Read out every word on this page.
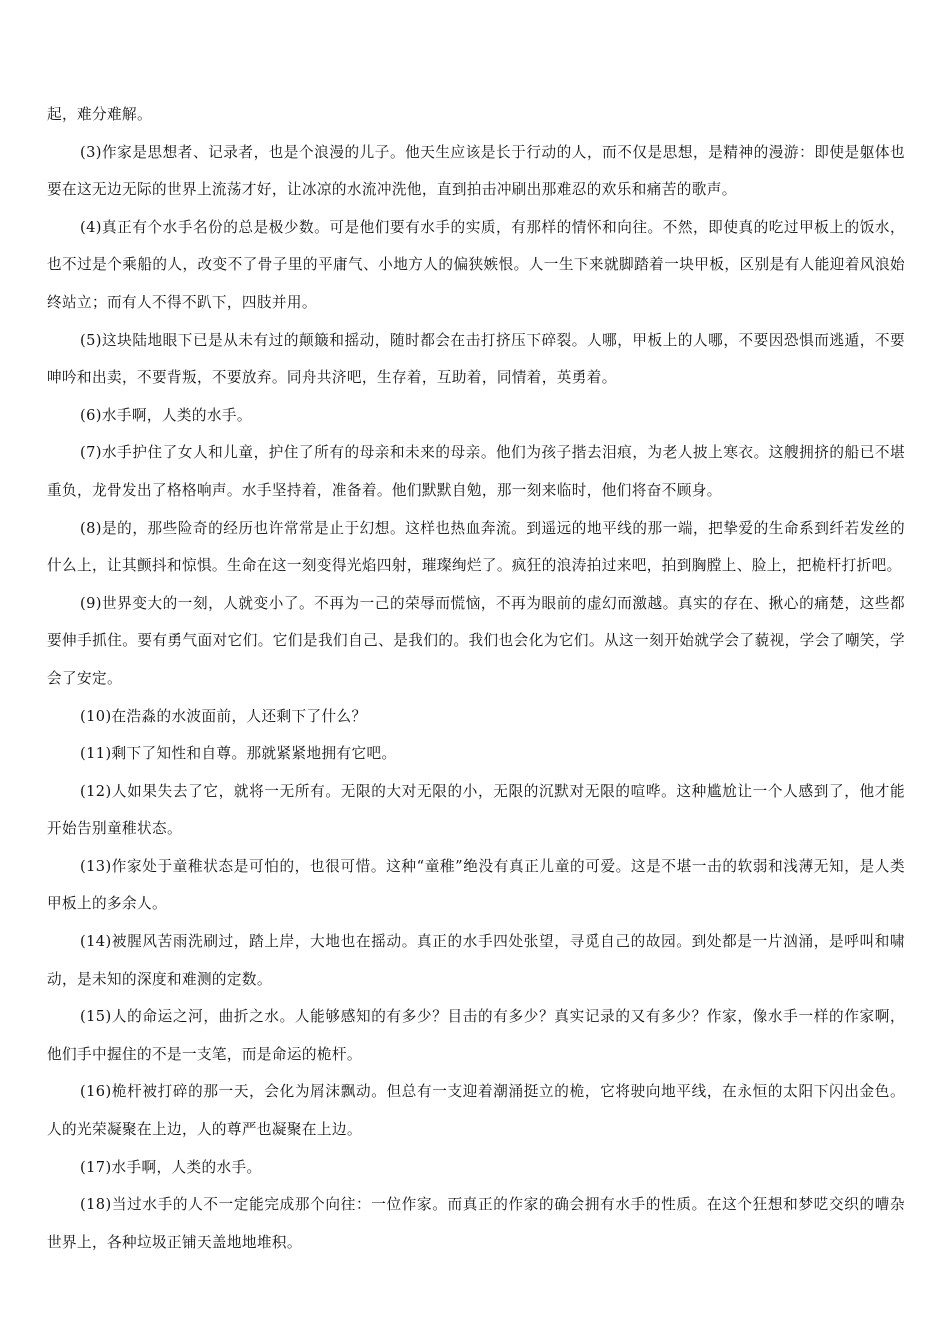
起，难分难解。

(3)作家是思想者、记录者，也是个浪漫的儿子。他天生应该是长于行动的人，而不仅是思想，是精神的漫游：即使是躯体也要在这无边无际的世界上流荡才好，让冰凉的水流冲洗他，直到拍击冲刷出那难忍的欢乐和痛苦的歌声。

(4)真正有个水手名份的总是极少数。可是他们要有水手的实质，有那样的情怀和向往。不然，即使真的吃过甲板上的饭水，也不过是个乘船的人，改变不了骨子里的平庸气、小地方人的偏狭嫉恨。人一生下来就脚踏着一块甲板，区别是有人能迎着风浪始终站立；而有人不得不趴下，四肢并用。

(5)这块陆地眼下已是从未有过的颠簸和摇动，随时都会在击打挤压下碎裂。人哪，甲板上的人哪，不要因恐惧而逃遁，不要呻吟和出卖，不要背叛，不要放弃。同舟共济吧，生存着，互助着，同情着，英勇着。

(6)水手啊，人类的水手。

(7)水手护住了女人和儿童，护住了所有的母亲和未来的母亲。他们为孩子揩去泪痕，为老人披上寒衣。这艘拥挤的船已不堪重负，龙骨发出了格格响声。水手坚持着，准备着。他们默默自勉，那一刻来临时，他们将奋不顾身。

(8)是的，那些险奇的经历也许常常是止于幻想。这样也热血奔流。到遥远的地平线的那一端，把挚爱的生命系到纤若发丝的什么上，让其颤抖和惊惧。生命在这一刻变得光焰四射，璀璨绚烂了。疯狂的浪涛拍过来吧，拍到胸膛上、脸上，把桅杆打折吧。

(9)世界变大的一刻，人就变小了。不再为一己的荣辱而慌恼，不再为眼前的虚幻而激越。真实的存在、揪心的痛楚，这些都要伸手抓住。要有勇气面对它们。它们是我们自己、是我们的。我们也会化为它们。从这一刻开始就学会了藐视，学会了嘲笑，学会了安定。

(10)在浩淼的水波面前，人还剩下了什么？

(11)剩下了知性和自尊。那就紧紧地拥有它吧。

(12)人如果失去了它，就将一无所有。无限的大对无限的小，无限的沉默对无限的喧哗。这种尴尬让一个人感到了，他才能开始告别童稚状态。

(13)作家处于童稚状态是可怕的，也很可惜。这种“童稚”绝没有真正儿童的可爱。这是不堪一击的软弱和浅薄无知，是人类甲板上的多余人。

(14)被腥风苦雨洗刷过，踏上岸，大地也在摇动。真正的水手四处张望，寻觅自己的故园。到处都是一片汹涌，是呼叫和啸动，是未知的深度和难测的定数。

(15)人的命运之河，曲折之水。人能够感知的有多少？目击的有多少？真实记录的又有多少？作家，像水手一样的作家啊，他们手中握住的不是一支笔，而是命运的桅杆。

(16)桅杆被打碎的那一天，会化为屑沫飘动。但总有一支迎着潮涌挺立的桅，它将驶向地平线，在永恒的太阳下闪出金色。人的光荣凝聚在上边，人的尊严也凝聚在上边。

(17)水手啊，人类的水手。

(18)当过水手的人不一定能完成那个向往：一位作家。而真正的作家的确会拥有水手的性质。在这个狂想和梦呓交织的嘈杂世界上，各种垃圾正铺天盖地地堆积。
